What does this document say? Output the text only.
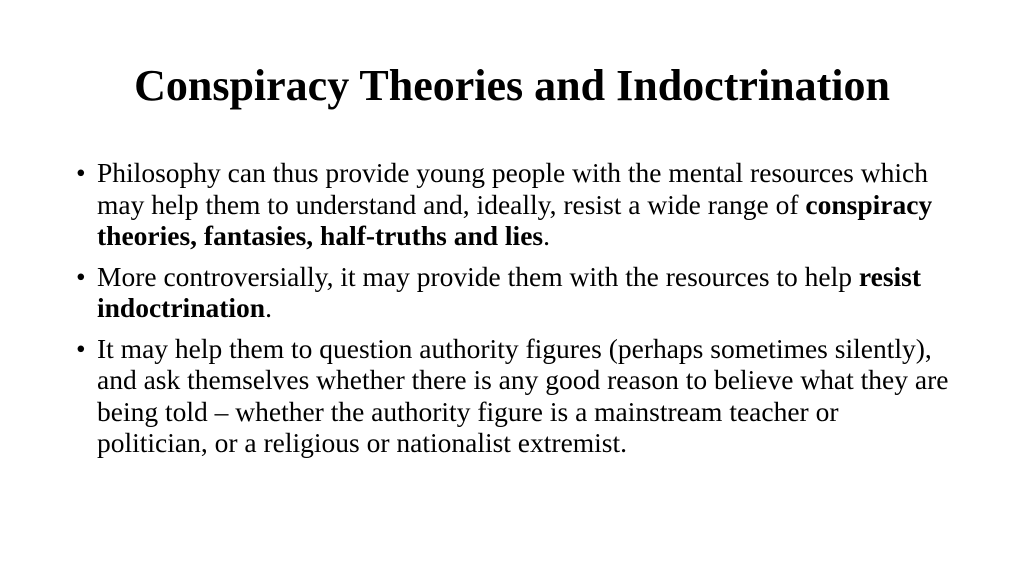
Conspiracy Theories and Indoctrination
• Philosophy can thus provide young people with the mental resources which may help them to understand and, ideally, resist a wide range of conspiracy theories, fantasies, half-truths and lies.
• More controversially, it may provide them with the resources to help resist indoctrination.
• It may help them to question authority figures (perhaps sometimes silently), and ask themselves whether there is any good reason to believe what they are being told – whether the authority figure is a mainstream teacher or politician, or a religious or nationalist extremist.
